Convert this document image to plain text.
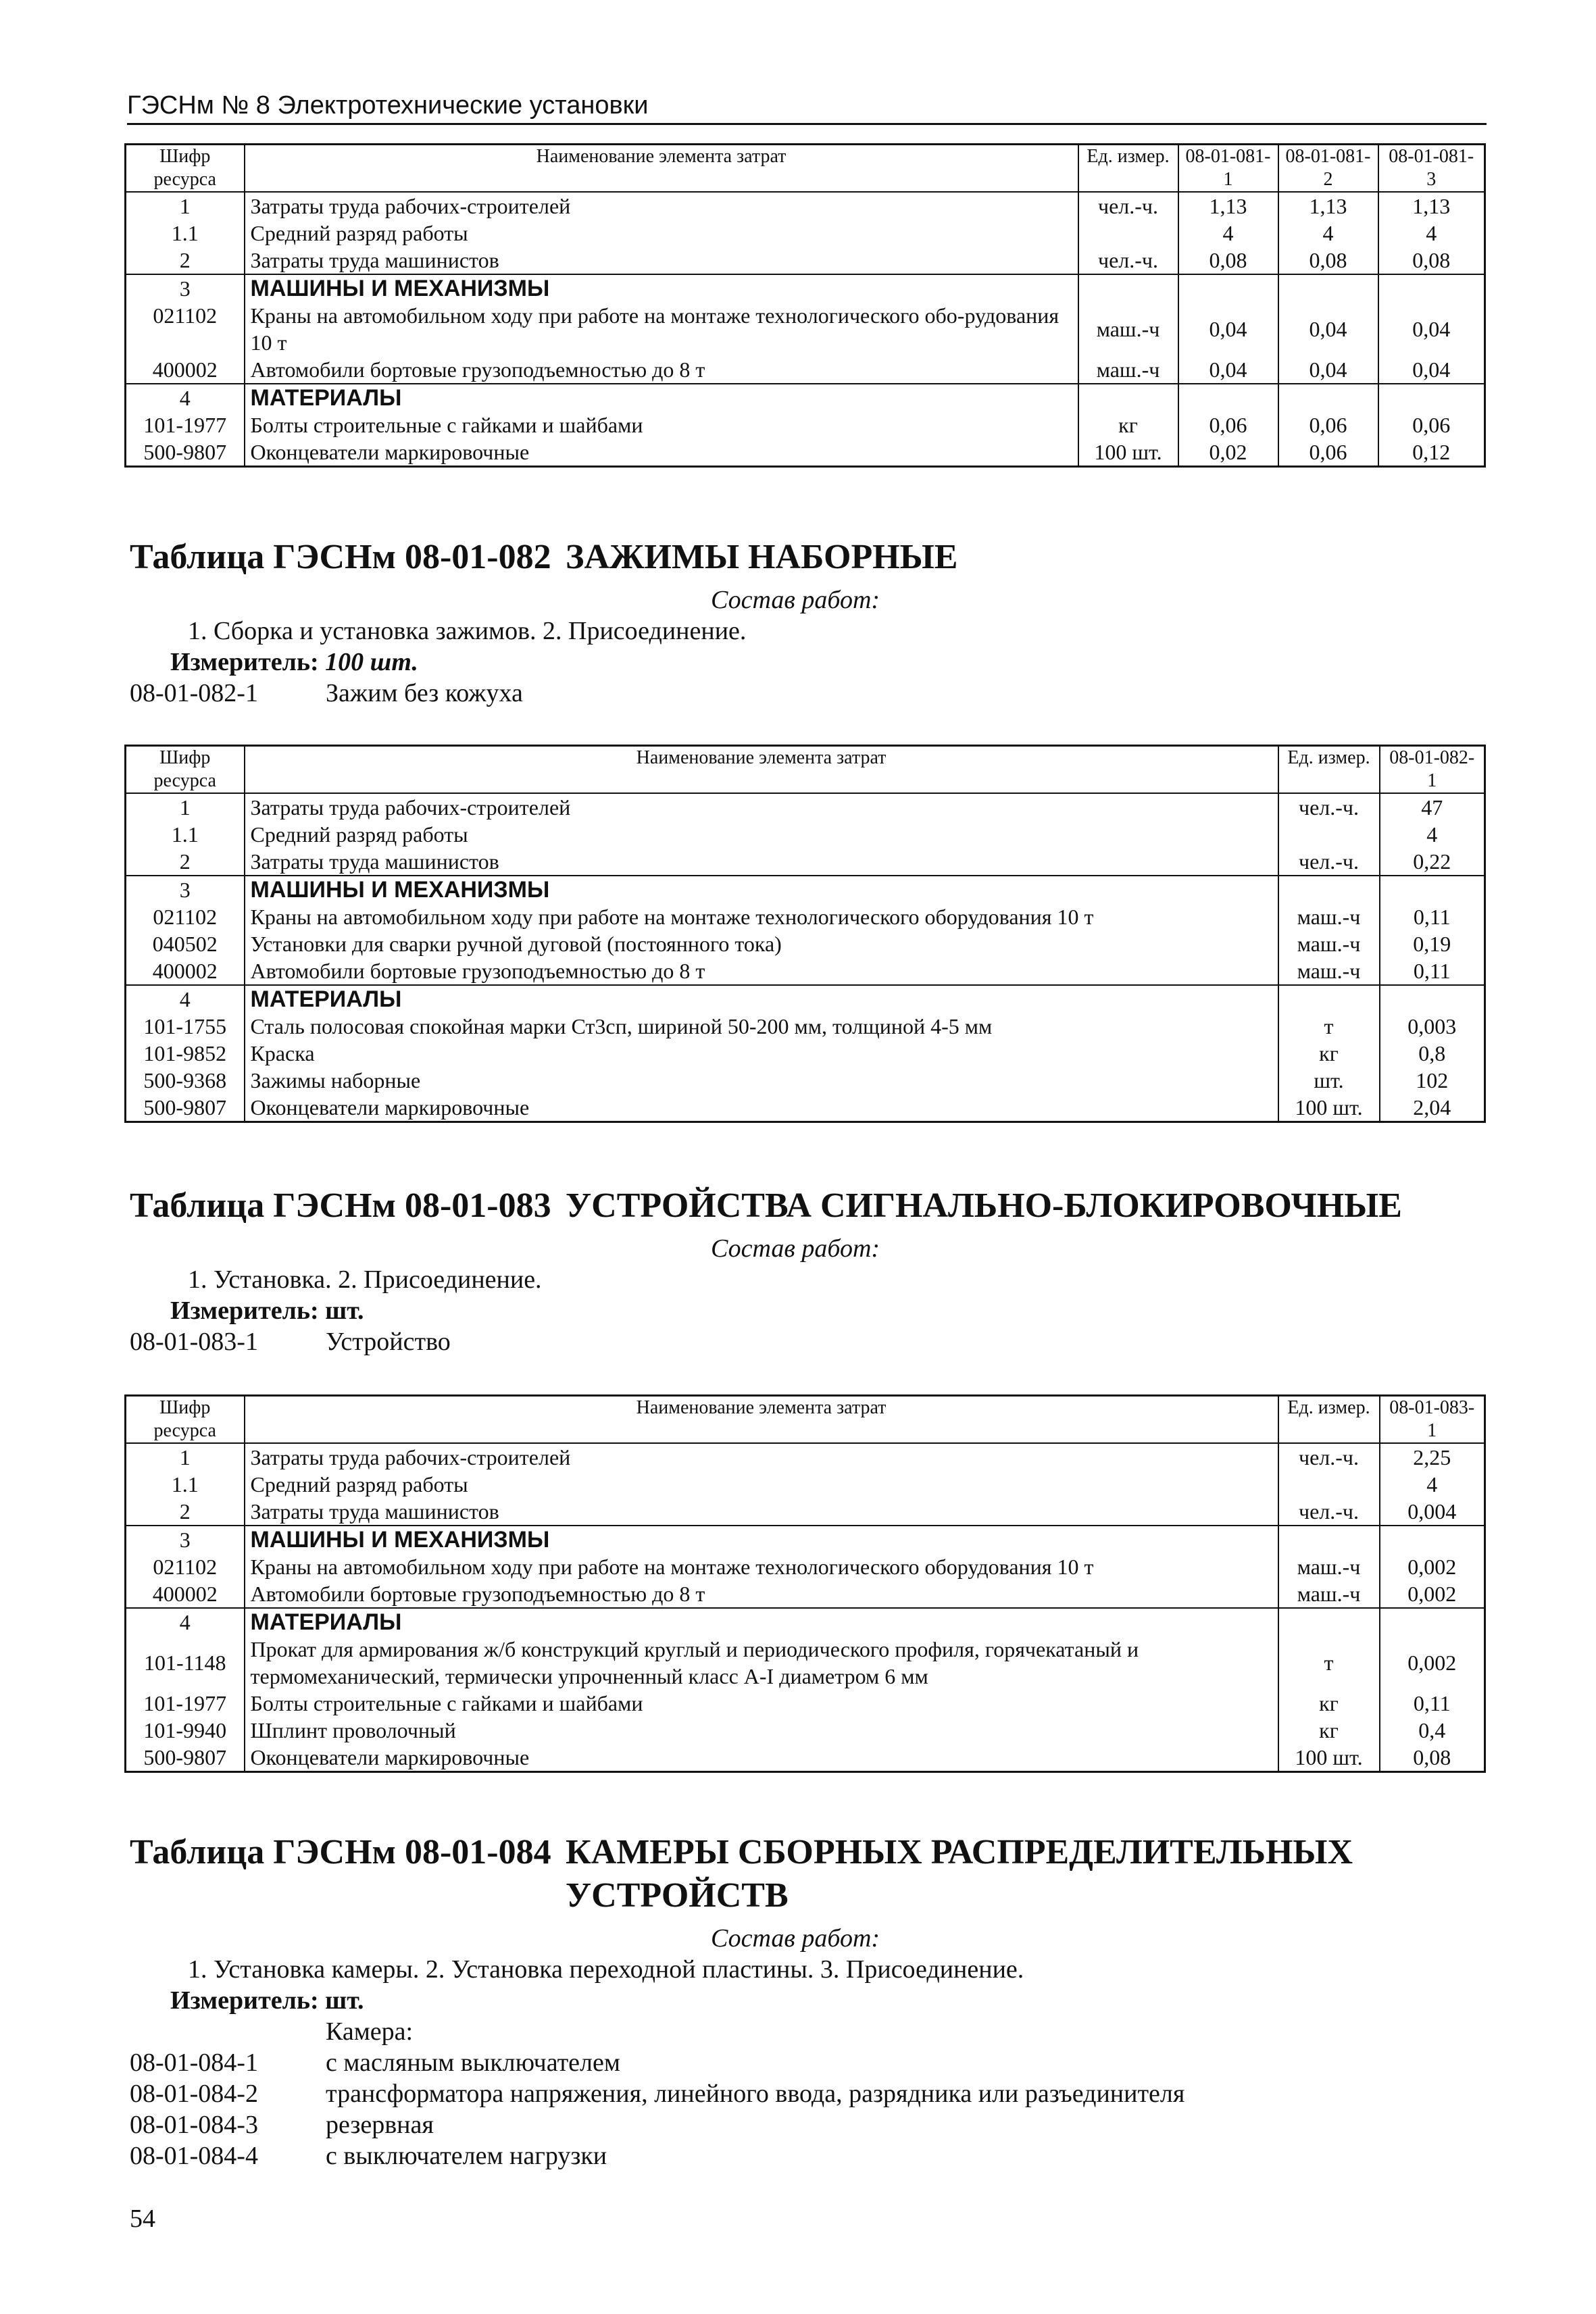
ГЭСНм № 8 Электротехнические установки
Шифр ресурса	Наименование элемента затрат	Ед. измер.	08-01-081-1	08-01-081-2	08-01-081-3
1	Затраты труда рабочих-строителей	чел.-ч.	1,13	1,13	1,13
1.1	Средний разряд работы		4	4	4
2	Затраты труда машинистов	чел.-ч.	0,08	0,08	0,08
3	МАШИНЫ И МЕХАНИЗМЫ				
021102	Краны на автомобильном ходу при работе на монтаже технологического обо-рудования 10 т	маш.-ч	0,04	0,04	0,04
400002	Автомобили бортовые грузоподъемностью до 8 т	маш.-ч	0,04	0,04	0,04
4	МАТЕРИАЛЫ				
101-1977	Болты строительные с гайками и шайбами	кг	0,06	0,06	0,06
500-9807	Оконцеватели маркировочные	100 шт.	0,02	0,06	0,12
Таблица ГЭСНм 08-01-082 ЗАЖИМЫ НАБОРНЫЕ
Состав работ:
1. Сборка и установка зажимов. 2. Присоединение.
Измеритель: 100 шт.
08-01-082-1	Зажим без кожуха
Шифр ресурса	Наименование элемента затрат	Ед. измер.	08-01-082-1
1	Затраты труда рабочих-строителей	чел.-ч.	47
1.1	Средний разряд работы		4
2	Затраты труда машинистов	чел.-ч.	0,22
3	МАШИНЫ И МЕХАНИЗМЫ		
021102	Краны на автомобильном ходу при работе на монтаже технологического оборудования 10 т	маш.-ч	0,11
040502	Установки для сварки ручной дуговой (постоянного тока)	маш.-ч	0,19
400002	Автомобили бортовые грузоподъемностью до 8 т	маш.-ч	0,11
4	МАТЕРИАЛЫ		
101-1755	Сталь полосовая спокойная марки Ст3сп, шириной 50-200 мм, толщиной 4-5 мм	т	0,003
101-9852	Краска	кг	0,8
500-9368	Зажимы наборные	шт.	102
500-9807	Оконцеватели маркировочные	100 шт.	2,04
Таблица ГЭСНм 08-01-083 УСТРОЙСТВА СИГНАЛЬНО-БЛОКИРОВОЧНЫЕ
Состав работ:
1. Установка. 2. Присоединение.
Измеритель: шт.
08-01-083-1	Устройство
Шифр ресурса	Наименование элемента затрат	Ед. измер.	08-01-083-1
1	Затраты труда рабочих-строителей	чел.-ч.	2,25
1.1	Средний разряд работы		4
2	Затраты труда машинистов	чел.-ч.	0,004
3	МАШИНЫ И МЕХАНИЗМЫ		
021102	Краны на автомобильном ходу при работе на монтаже технологического оборудования 10 т	маш.-ч	0,002
400002	Автомобили бортовые грузоподъемностью до 8 т	маш.-ч	0,002
4	МАТЕРИАЛЫ		
101-1148	Прокат для армирования ж/б конструкций круглый и периодического профиля, горячекатаный и термомеханический, термически упрочненный класс А-I диаметром 6 мм	т	0,002
101-1977	Болты строительные с гайками и шайбами	кг	0,11
101-9940	Шплинт проволочный	кг	0,4
500-9807	Оконцеватели маркировочные	100 шт.	0,08
Таблица ГЭСНм 08-01-084 КАМЕРЫ СБОРНЫХ РАСПРЕДЕЛИТЕЛЬНЫХ
УСТРОЙСТВ
Состав работ:
1. Установка камеры. 2. Установка переходной пластины. 3. Присоединение.
Измеритель: шт.
Камера:
08-01-084-1	с масляным выключателем
08-01-084-2	трансформатора напряжения, линейного ввода, разрядника или разъединителя
08-01-084-3	резервная
08-01-084-4	с выключателем нагрузки
54
